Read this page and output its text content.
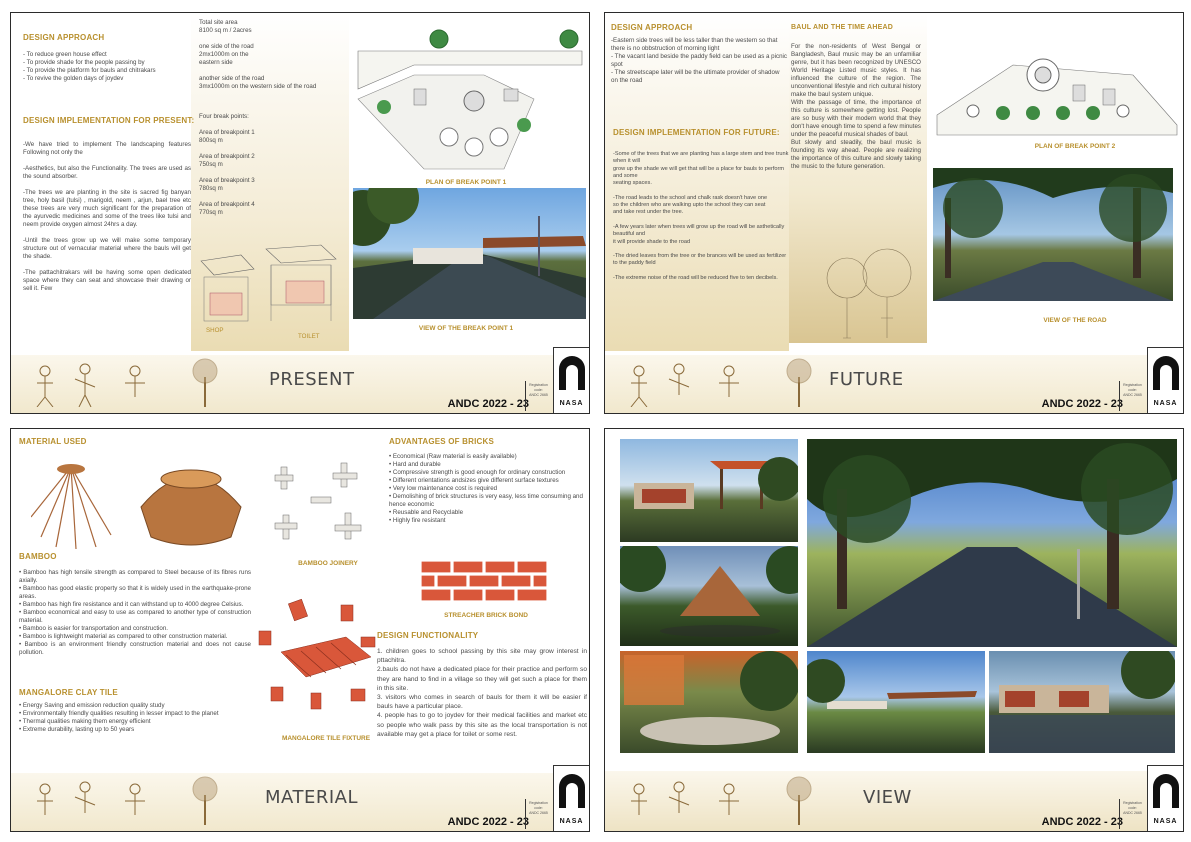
DESIGN APPROACH
- To reduce green house effect
- To provide shade for the people passing by
- To provide the platform for bauls and chitrakars
- To revive the golden days of joydev
Total site area
8100 sq m / 2acres

one side of the road
2mx1000m on the
eastern side

another side of the road
3mx1000m on the western side of the road
DESIGN IMPLEMENTATION FOR PRESENT:
-We have tried to implement The landscaping features Following not only the

-Aesthetics, but also the Functionality. The trees are used as the sound absorber.

-The trees we are planting in the site is sacred fig banyan tree, holy basil (tulsi) , marigold, neem , arjun, bael tree etc these trees are very much significant for the preparation of the ayurvedic medicines and some of the trees like tulsi and neem provide oxygen almost 24hrs a day.

-Until the trees grow up we will make some temporary structure out of vernacular material where the bauls will get the shade.

-The pattachitrakars will be having some open dedicated space where they can seat and showcase their drawing or sell it. Few
Four break points:

Area of breakpoint 1
800sq m

Area of breakpoint 2
750sq m

Area of breakpoint 3
780sq m

Area of breakpoint 4
770sq m
SHOP
TOILET
PLAN OF BREAK POINT 1
VIEW OF THE BREAK POINT 1
PRESENT
ANDC 2022 - 23
Registration code:
ANDC 2665
NASA
DESIGN APPROACH
-Eastern side trees will be less taller than the western so that there is no obbstruction of morning light
- The vacant land beside the paddy field can be used as a picnic spot
- The streetscape later will be the ultimate provider of shadow on the road
DESIGN IMPLEMENTATION FOR FUTURE:
-Some of the trees that we are planting has a large stem and tree trunk when it will
grow up the shade we will get that will be a place for bauls to perform and some
seating spaces.

-The road leads to the school and chalk rask doesn't have one
so the children who are walking upto the school they can seat
and take rest under the tree.

-A few years later when trees will grow up the road will be asthetically beautiful and
it will provide shade to the road

-The dried leaves from the tree or the brances will be used as fertilizer to the paddy field

-The extreme noise of the road will be reduced five to ten decibels.
BAUL AND THE TIME AHEAD
For the non-residents of West Bengal or Bangladesh, Baul music may be an unfamiliar genre, but it has been recognized by UNESCO World Heritage Listed music styles. It has influenced the culture of the region. The unconventional lifestyle and rich cultural history make the baul system unique.
With the passage of time, the importance of this culture is somewhere getting lost. People are so busy with their modern world that they don't have enough time to spend a few minutes under the peaceful musical shades of baul.
But slowly and steadily, the baul music is founding its way ahead. People are realizing the importance of this culture and slowly taking the music to the future generation.
PLAN OF BREAK POINT 2
VIEW OF THE ROAD
FUTURE
ANDC 2022 - 23
Registration code:
ANDC 2665
NASA
MATERIAL USED
BAMBOO
• Bamboo has high tensile strength as compared to Steel because of its fibres runs axially.
• Bamboo has good elastic property so that it is widely used in the earthquake-prone areas.
• Bamboo has high fire resistance and it can withstand up to 4000 degree Celsius.
• Bamboo economical and easy to use as compared to another type of construction material.
• Bamboo is easier for transportation and construction.
• Bamboo is lightweight material as compared to other construction material.
• Bamboo is an environment friendly construction material and does not cause pollution.
MANGALORE CLAY TILE
• Energy Saving and emission reduction quality study
• Environmentally friendly qualities resulting in lesser impact to the planet
• Thermal qualities making them energy efficient
• Extreme durability, lasting up to 50 years
BAMBOO JOINERY
MANGALORE TILE FIXTURE
ADVANTAGES OF BRICKS
• Economical (Raw material is easily available)
• Hard and durable
• Compressive strength is good enough for ordinary construction
• Different orientations andsizes give different surface textures
• Very low maintenance cost is required
• Demolishing of brick structures is very easy, less time consuming and hence economic
• Reusable and Recyclable
• Highly fire resistant
STREACHER BRICK BOND
DESIGN FUNCTIONALITY
1. children goes to school passing by this site may grow interest in pttachitra.
2.bauls do not have a dedicated place for their practice and perform so they are hand to find in a village so they will get such a place for them in this site.
3. visitors who comes in search of bauls for them it will be easier if bauls have a particular place.
4. people has to go to joydev for their medical facilities and market etc so people who walk pass by this site as the local transportation is not available may get a place for toilet or some rest.
MATERIAL
ANDC 2022 - 23
Registration code:
ANDC 2665
NASA
VIEW
ANDC 2022 - 23
Registration code:
ANDC 2665
NASA
